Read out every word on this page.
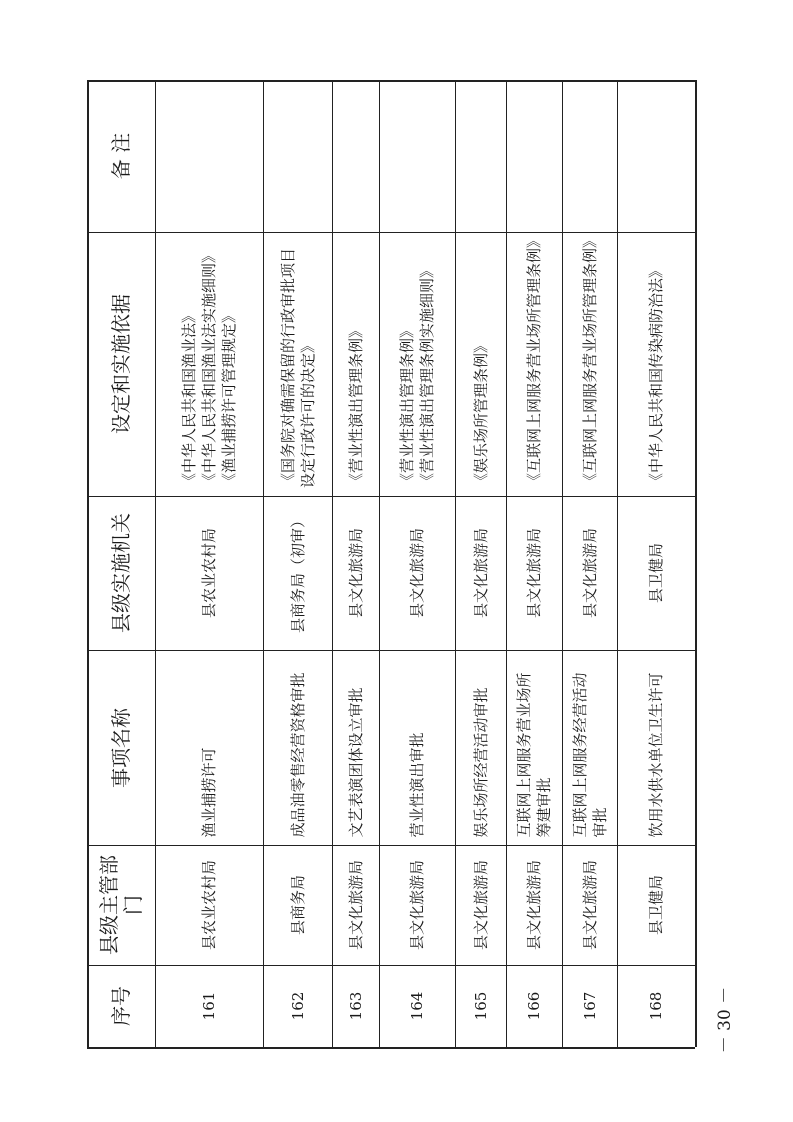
备 注
设定和实施依据
县级实施机关
事项名称
县级主管部门
序号
《中华人民共和国渔业法》
《中华人民共和国渔业法实施细则》
《渔业捕捞许可管理规定》
县农业农村局
渔业捕捞许可
县农业农村局
161
《国务院对确需保留的行政审批项目设定行政许可的决定》
县商务局（初审）
成品油零售经营资格审批
县商务局
162
《营业性演出管理条例》
县文化旅游局
文艺表演团体设立审批
县文化旅游局
163
《营业性演出管理条例》
《营业性演出管理条例实施细则》
县文化旅游局
营业性演出审批
县文化旅游局
164
《娱乐场所管理条例》
县文化旅游局
娱乐场所经营活动审批
县文化旅游局
165
《互联网上网服务营业场所管理条例》
县文化旅游局
互联网上网服务营业场所筹建审批
县文化旅游局
166
《互联网上网服务营业场所管理条例》
县文化旅游局
互联网上网服务经营活动审批
县文化旅游局
167
《中华人民共和国传染病防治法》
县卫健局
饮用水供水单位卫生许可
县卫健局
168	－ 30 －
